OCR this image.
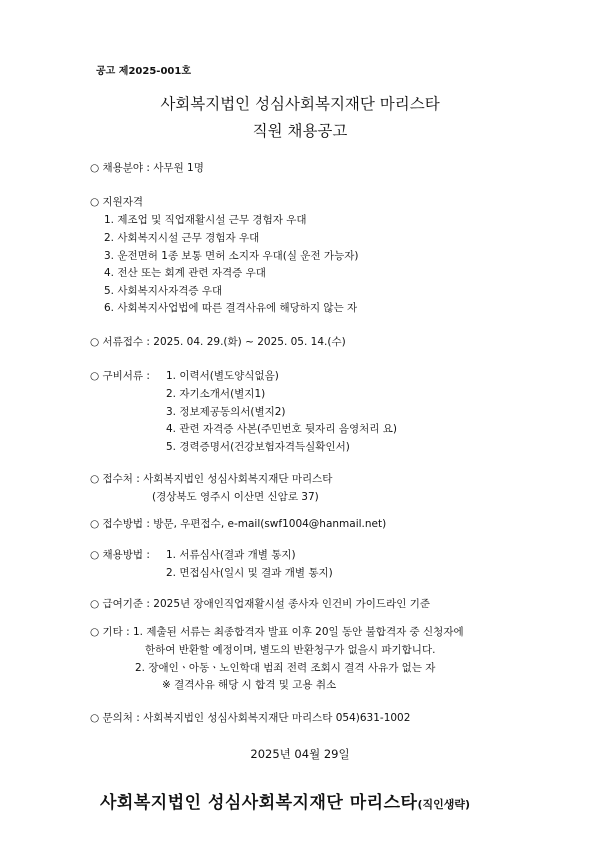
공고 제2025-001호
사회복지법인 성심사회복지재단 마리스타
직원 채용공고
○ 채용분야 : 사무원 1명
○ 지원자격
1. 제조업 및 직업재활시설 근무 경험자 우대
2. 사회복지시설 근무 경험자 우대
3. 운전면허 1종 보통 면허 소지자 우대(실 운전 가능자)
4. 전산 또는 회계 관련 자격증 우대
5. 사회복지사자격증 우대
6. 사회복지사업법에 따른 결격사유에 해당하지 않는 자
○ 서류접수 : 2025. 04. 29.(화) ~ 2025. 05. 14.(수)
○ 구비서류 : 1. 이력서(별도양식없음)
2. 자기소개서(별지1)
3. 정보제공동의서(별지2)
4. 관련 자격증 사본(주민번호 뒷자리 음영처리 요)
5. 경력증명서(건강보험자격득실확인서)
○ 접수처 : 사회복지법인 성심사회복지재단 마리스타
(경상북도 영주시 이산면 신암로 37)
○ 접수방법 : 방문, 우편접수, e-mail(swf1004@hanmail.net)
○ 채용방법 : 1. 서류심사(결과 개별 통지)
2. 면접심사(일시 및 결과 개별 통지)
○ 급여기준 : 2025년 장애인직업재활시설 종사자 인건비 가이드라인 기준
○ 기타 : 1. 제출된 서류는 최종합격자 발표 이후 20일 동안 불합격자 중 신청자에
한하여 반환할 예정이며, 별도의 반환청구가 없을시 파기합니다.
2. 장애인ㆍ아동ㆍ노인학대 범죄 전력 조회시 결격 사유가 없는 자
※ 결격사유 해당 시 합격 및 고용 취소
○ 문의처 : 사회복지법인 성심사회복지재단 마리스타 054)631-1002
2025년 04월 29일
사회복지법인 성심사회복지재단 마리스타(직인생략)
